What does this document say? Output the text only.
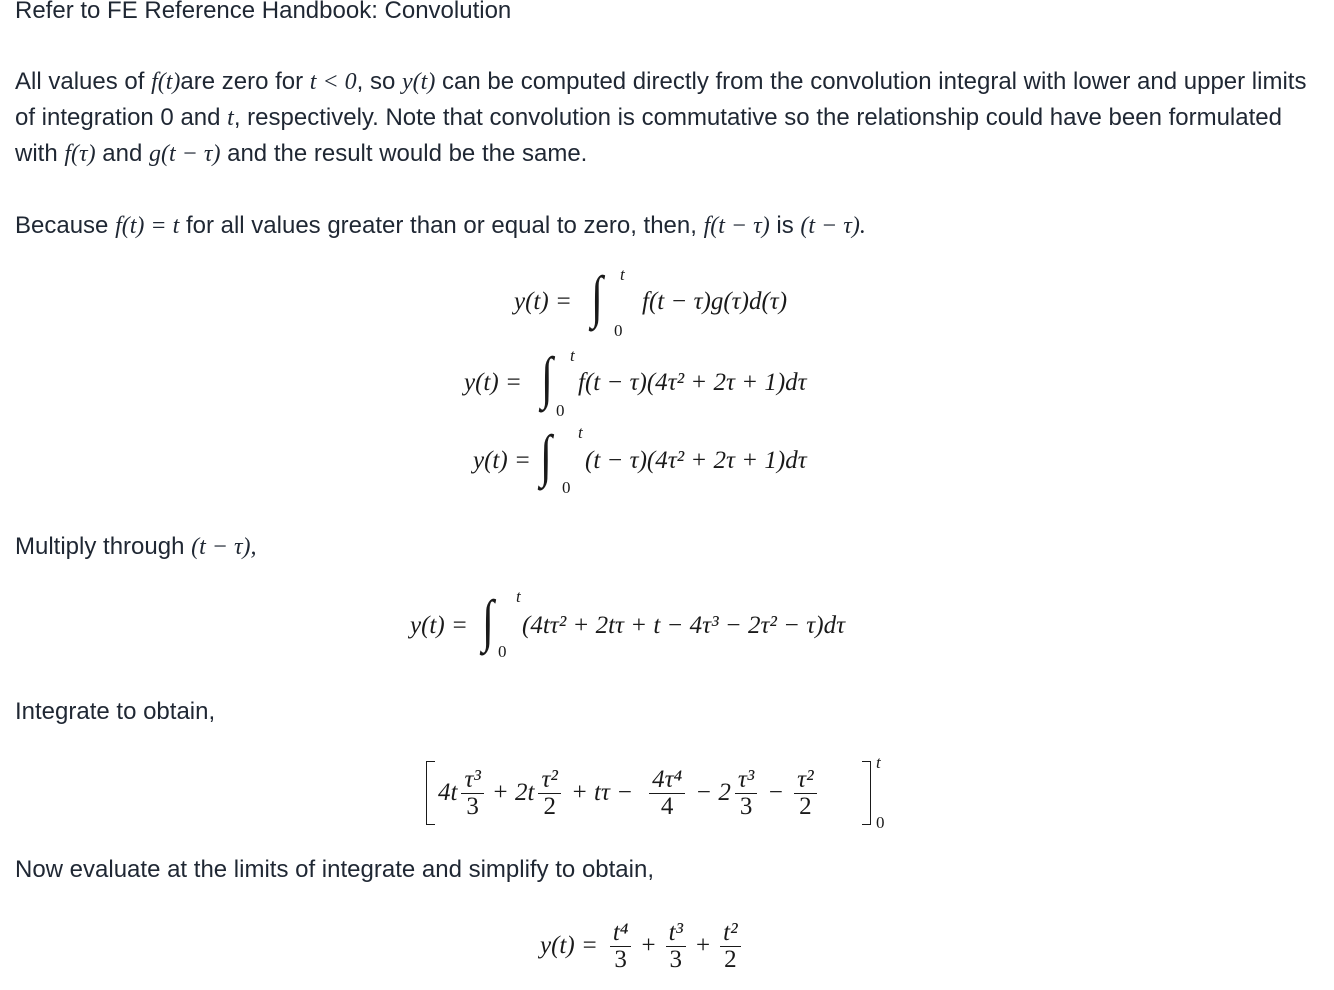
Refer to FE Reference Handbook: Convolution

All values of f(t)are zero for t < 0, so y(t) can be computed directly from the convolution integral with lower and upper limits of integration 0 and t, respectively. Note that convolution is commutative so the relationship could have been formulated with f(τ) and g(t − τ) and the result would be the same.

Because f(t) = t for all values greater than or equal to zero, then, f(t − τ) is (t − τ).

y(t) = ∫ t
0
f(t − τ)g(τ)d(τ)
y(t) = ∫ t
0
f(t − τ)(4τ² + 2τ + 1)dτ
y(t) = ∫ t
0
(t − τ)(4τ² + 2τ + 1)dτ

Multiply through (t − τ),

y(t) = ∫ t
0
(4tτ² + 2tτ + t − 4τ³ − 2τ² − τ)dτ

Integrate to obtain,

$4t \frac{\text{τ³}}{3} + 2t \frac{\text{τ²}}{2} + t\tau - \frac{\text{4τ⁴}}{4} - 2 \frac{\text{τ³}}{3} - \frac{\text{τ²}}{2}$
t
0

Now evaluate at the limits of integrate and simplify to obtain,

$y(t) = \frac{\text{t⁴}}{3} + \frac{\text{t³}}{3} + \frac{\text{t²}}{2}$
